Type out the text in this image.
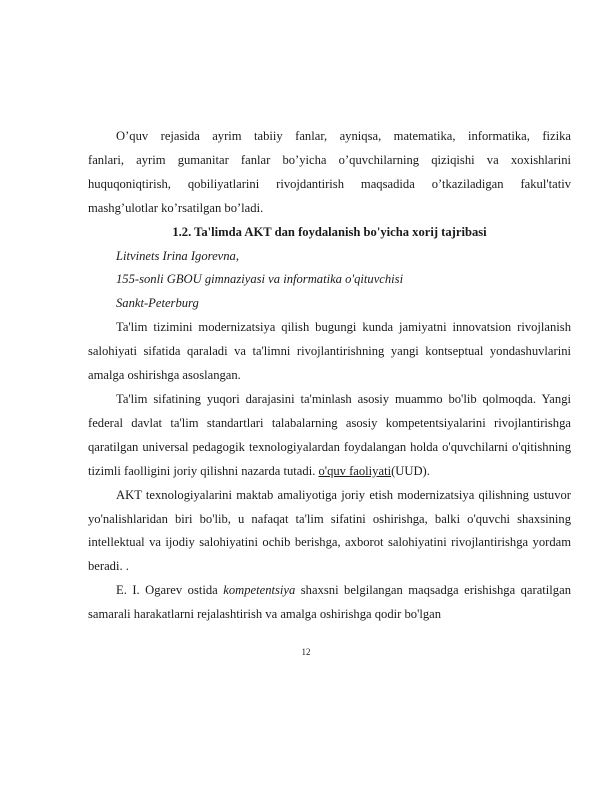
O’quv rejasida ayrim tabiiy fanlar, ayniqsa, matematika, informatika, fizika

fanlari, ayrim gumanitar fanlar bo’yicha o’quvchilarning qiziqishi va xoxishlarini huquqoniqtirish, qobiliyatlarini rivojdantirish maqsadida o’tkaziladigan fakul'tativ mashg’ulotlar ko’rsatilgan bo’ladi.

1.2. Ta'limda AKT dan foydalanish bo'yicha xorij tajribasi

Litvinets Irina Igorevna,

155-sonli GBOU gimnaziyasi va informatika o'qituvchisi

Sankt-Peterburg

Ta'lim tizimini modernizatsiya qilish bugungi kunda jamiyatni innovatsion rivojlanish salohiyati sifatida qaraladi va ta'limni rivojlantirishning yangi kontseptual yondashuvlarini amalga oshirishga asoslangan.

Ta'lim sifatining yuqori darajasini ta'minlash asosiy muammo bo'lib qolmoqda. Yangi federal davlat ta'lim standartlari talabalarning asosiy kompetentsiyalarini rivojlantirishga qaratilgan universal pedagogik texnologiyalardan foydalangan holda o'quvchilarni o'qitishning tizimli faolligini joriy qilishni nazarda tutadi. o'quv faoliyati(UUD).

AKT texnologiyalarini maktab amaliyotiga joriy etish modernizatsiya qilishning ustuvor yo'nalishlaridan biri bo'lib, u nafaqat ta'lim sifatini oshirishga, balki o'quvchi shaxsining intellektual va ijodiy salohiyatini ochib berishga, axborot salohiyatini rivojlantirishga yordam beradi. .

E. I. Ogarev ostida kompetentsiya shaxsni belgilangan maqsadga erishishga qaratilgan samarali harakatlarni rejalashtirish va amalga oshirishga qodir bo'lgan

12
